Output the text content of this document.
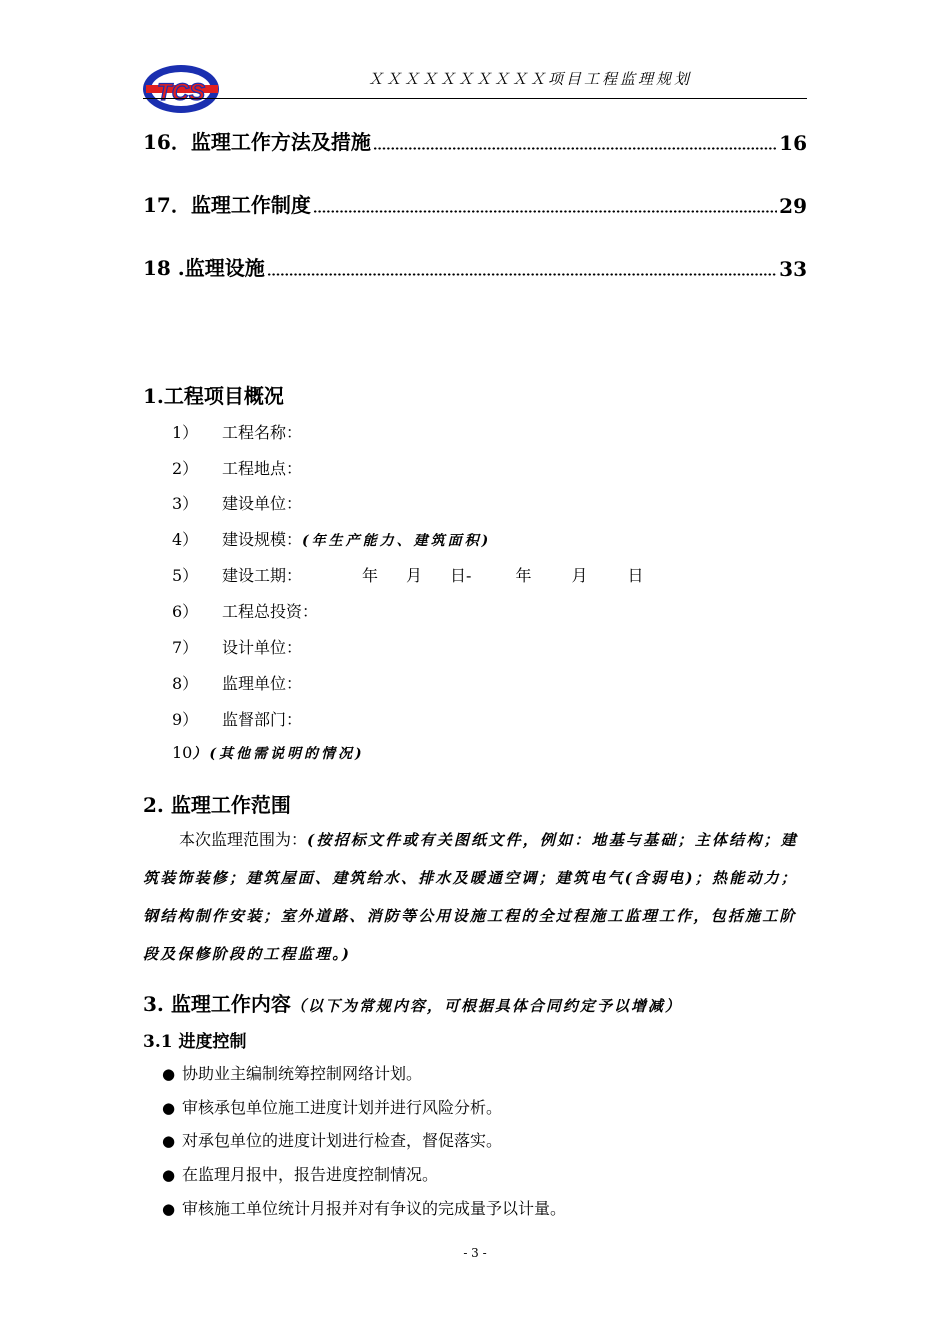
TCS	ＸＸＸＸＸＸＸＸＸＸ项目工程监理规划
16．监理工作方法及措施	16
17．监理工作制度	29
18 .监理设施	33
1.工程项目概况
1） 工程名称：
2） 工程地点：
3） 建设单位：
4） 建设规模：(年生产能力、建筑面积)
5） 建设工期：	年 月 日-	年	月	日
6） 工程总投资：
7） 设计单位：
8） 监理单位：
9） 监督部门：
10）(其他需说明的情况)
2. 监理工作范围
本次监理范围为：(按招标文件或有关图纸文件，例如：地基与基础；主体结构；建筑装饰装修；建筑屋面、建筑给水、排水及暖通空调；建筑电气(含弱电)；热能动力；钢结构制作安装；室外道路、消防等公用设施工程的全过程施工监理工作，包括施工阶段及保修阶段的工程监理。)
3. 监理工作内容（以下为常规内容，可根据具体合同约定予以增减）
3.1 进度控制
● 协助业主编制统筹控制网络计划。
● 审核承包单位施工进度计划并进行风险分析。
● 对承包单位的进度计划进行检查，督促落实。
● 在监理月报中，报告进度控制情况。
● 审核施工单位统计月报并对有争议的完成量予以计量。
- 3 -
